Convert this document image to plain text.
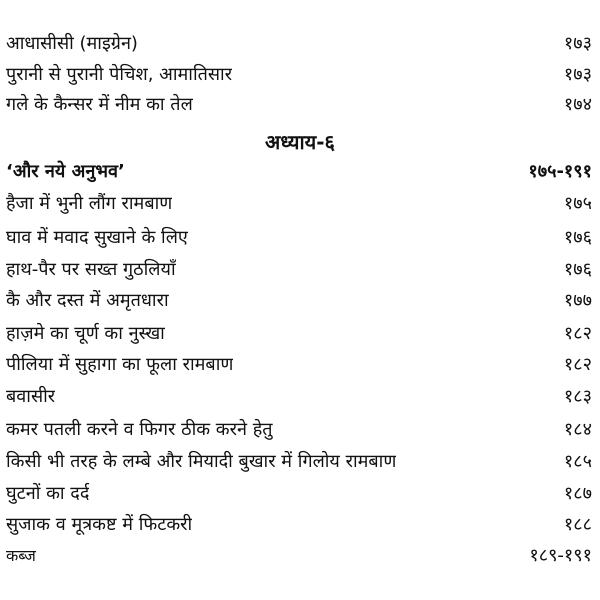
आधासीसी (माइग्रेन)	१७३
पुरानी से पुरानी पेचिश, आमातिसार	१७३
गले के कैन्सर में नीम का तेल	१७४
अध्याय-६
‘और नये अनुभव’	१७५-१९१
हैजा में भुनी लौंग रामबाण	१७५
घाव में मवाद सुखाने के लिए	१७६
हाथ-पैर पर सख्त गुठलियाँ	१७६
कै और दस्त में अमृतधारा	१७७
हाज़मे का चूर्ण का नुस्खा	१८२
पीलिया में सुहागा का फूला रामबाण	१८२
बवासीर	१८३
कमर पतली करने व फिगर ठीक करने हेतु	१८४
किसी भी तरह के लम्बे और मियादी बुखार में गिलोय रामबाण	१८५
घुटनों का दर्द	१८७
सुजाक व मूत्रकष्ट में फिटकरी	१८८
कब्ज	१८९-१९१
